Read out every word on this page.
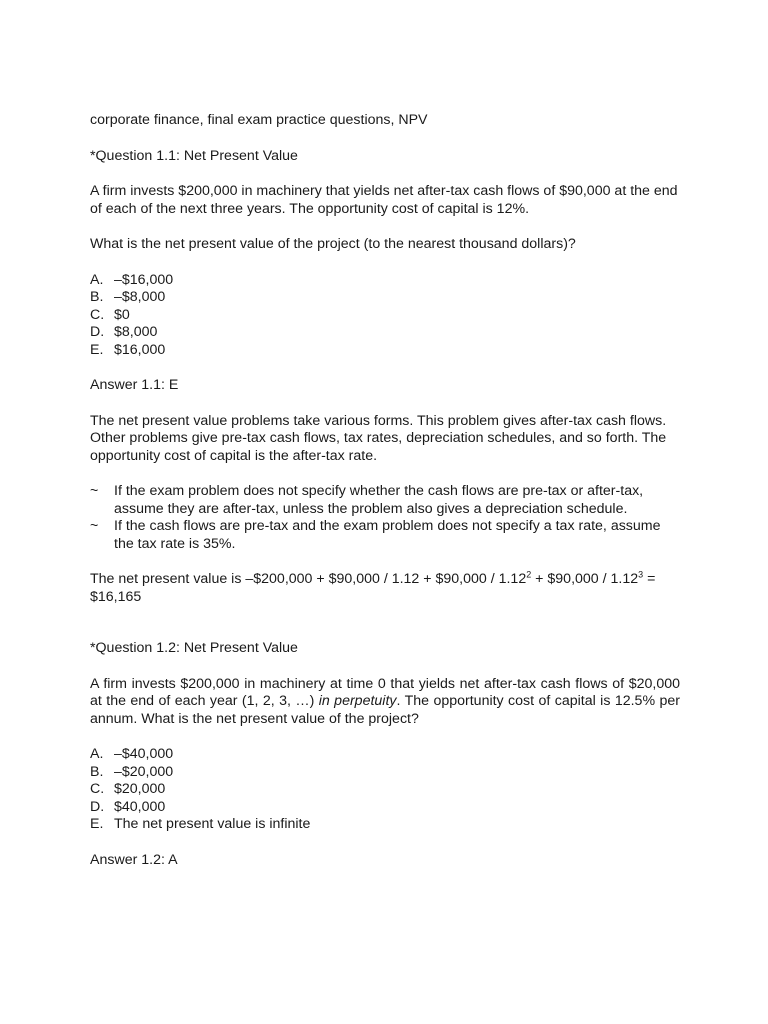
corporate finance, final exam practice questions, NPV

*Question 1.1: Net Present Value

A firm invests $200,000 in machinery that yields net after-tax cash flows of $90,000 at the end of each of the next three years. The opportunity cost of capital is 12%.

What is the net present value of the project (to the nearest thousand dollars)?

A. –$16,000
B. –$8,000
C. $0
D. $8,000
E. $16,000

Answer 1.1: E

The net present value problems take various forms. This problem gives after-tax cash flows. Other problems give pre-tax cash flows, tax rates, depreciation schedules, and so forth. The opportunity cost of capital is the after-tax rate.

~	If the exam problem does not specify whether the cash flows are pre-tax or after-tax, assume they are after-tax, unless the problem also gives a depreciation schedule.
~	If the cash flows are pre-tax and the exam problem does not specify a tax rate, assume the tax rate is 35%.

The net present value is –$200,000 + $90,000 / 1.12 + $90,000 / $1.12^2$ + $90,000 / $1.12^3$ = $16,165

*Question 1.2: Net Present Value

A firm invests $200,000 in machinery at time 0 that yields net after-tax cash flows of $20,000 at the end of each year (1, 2, 3, …) in perpetuity. The opportunity cost of capital is 12.5% per annum. What is the net present value of the project?

A. –$40,000
B. –$20,000
C. $20,000
D. $40,000
E. The net present value is infinite

Answer 1.2: A
